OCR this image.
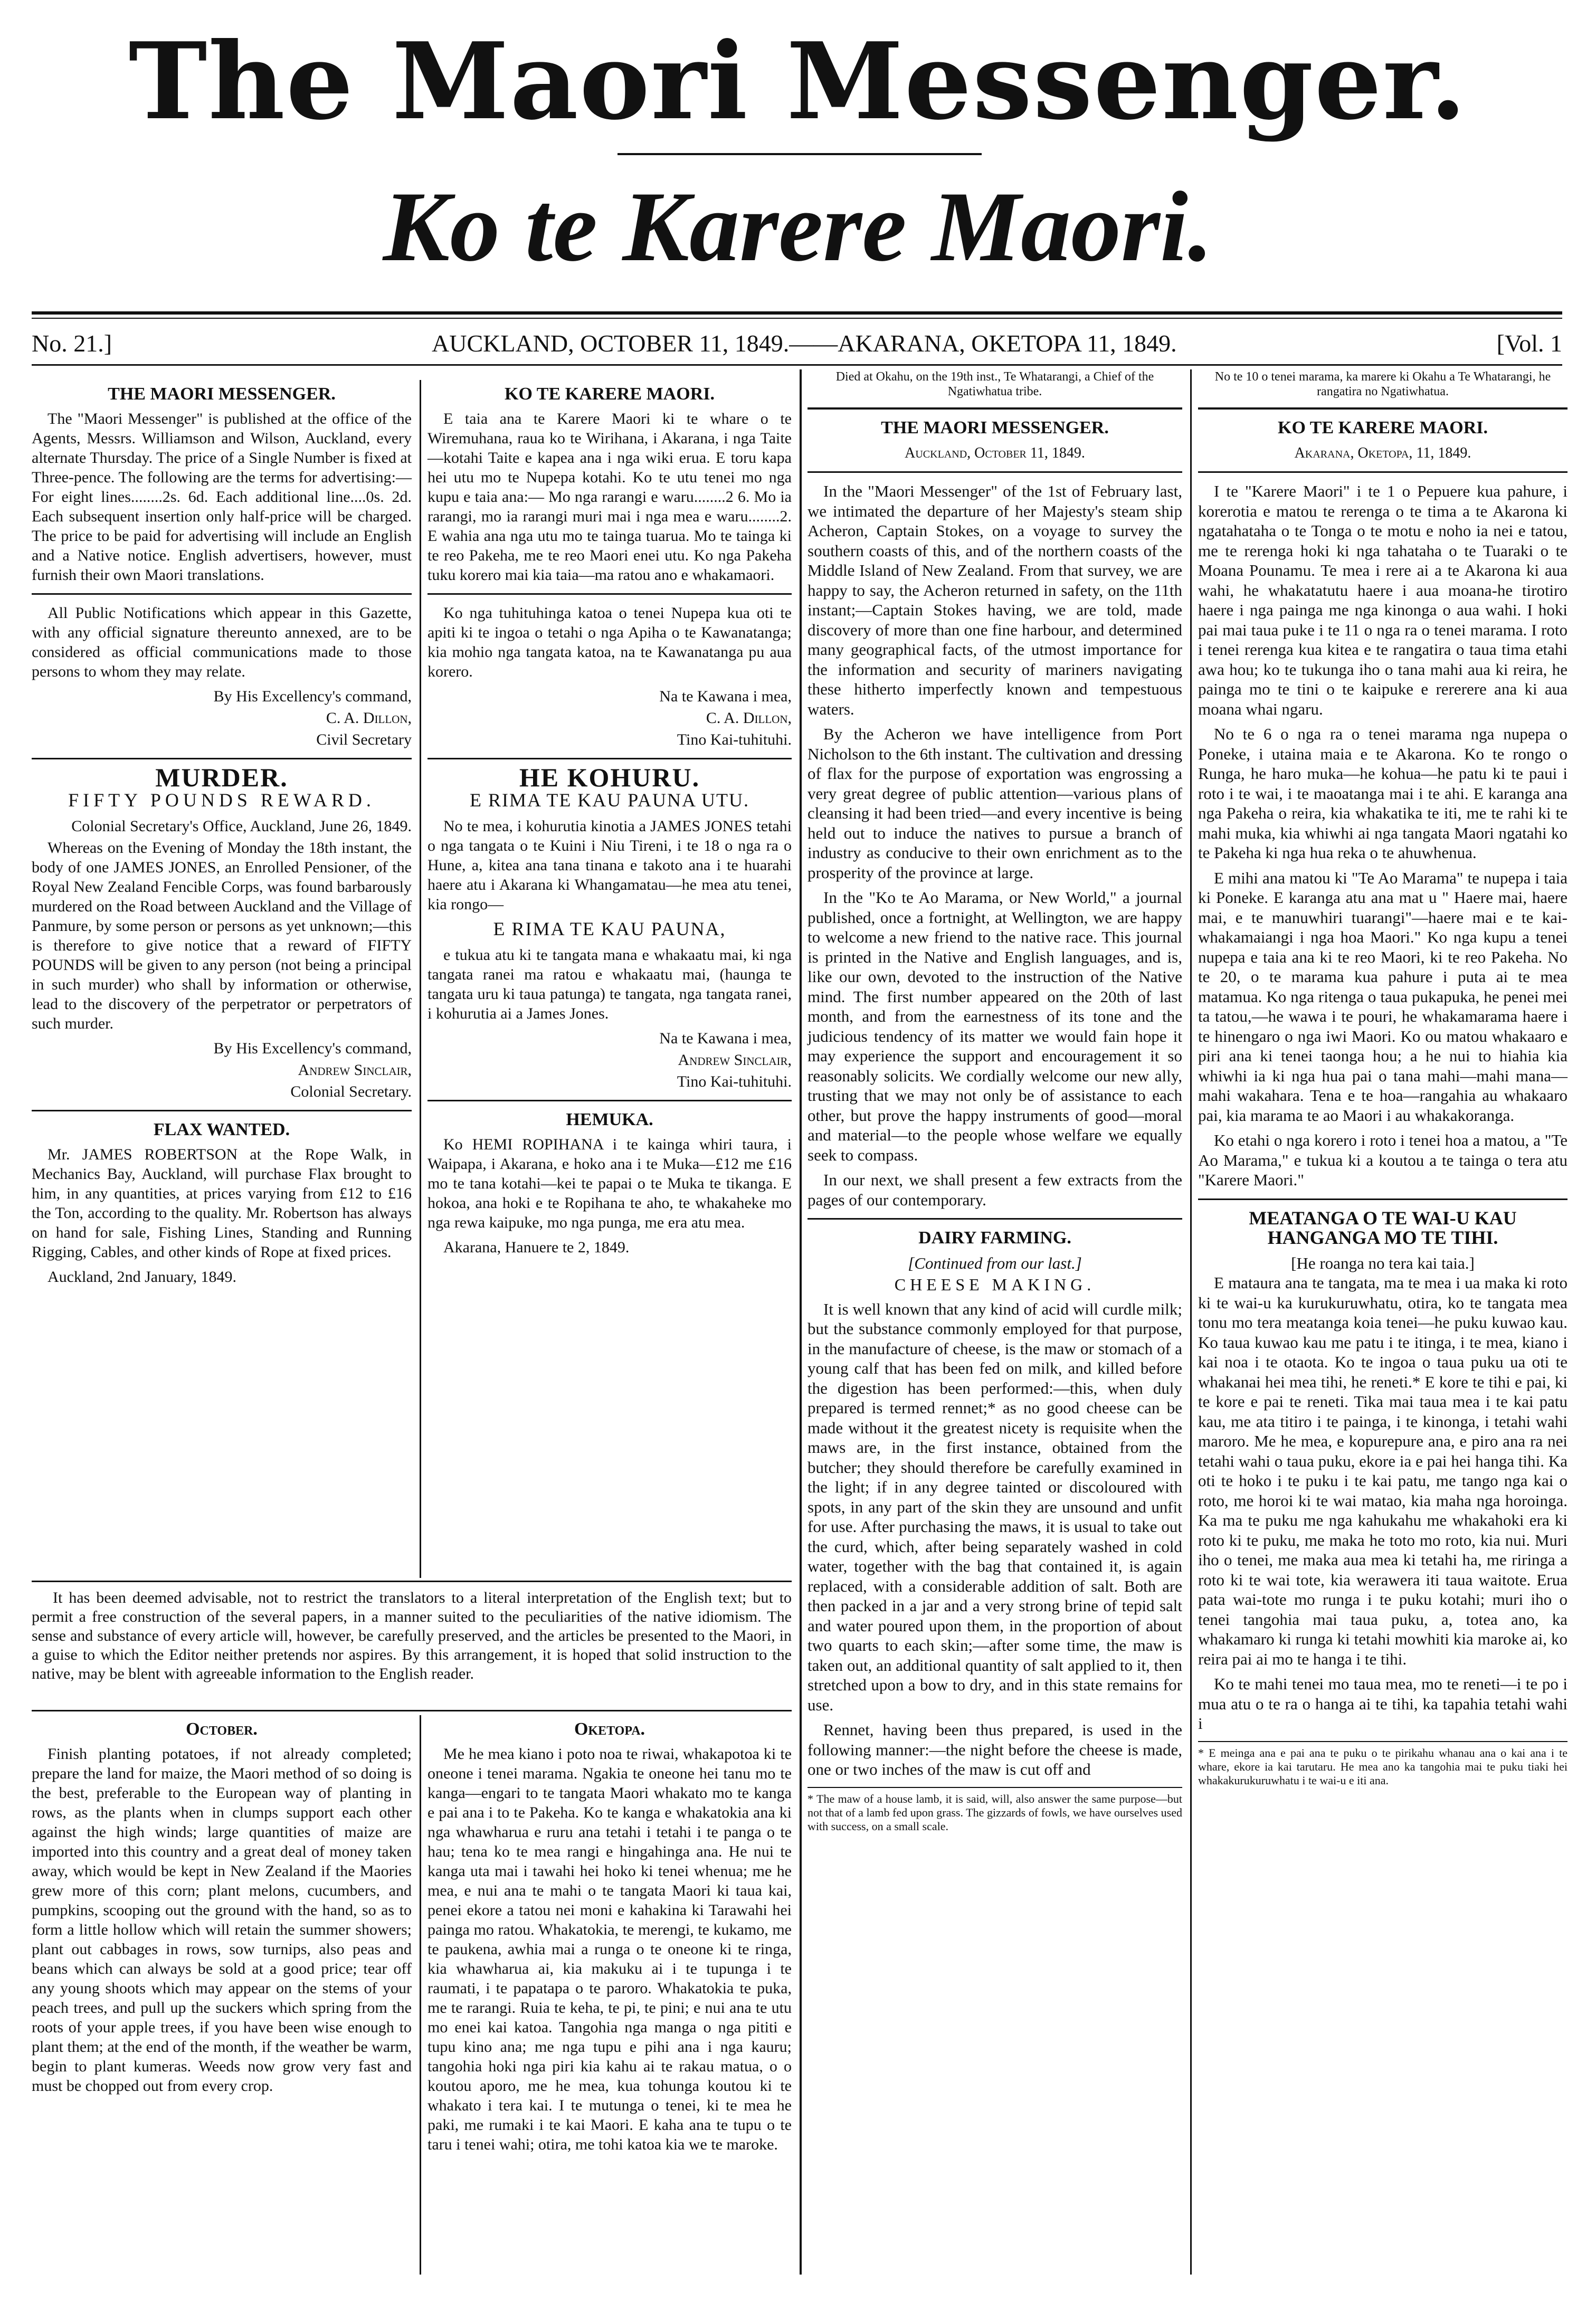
The Maori Messenger.
Ko te Karere Maori.
No. 21.]	AUCKLAND, OCTOBER 11, 1849.——AKARANA, OKETOPA 11, 1849.	[Vol. 1
THE MAORI MESSENGER.

The "Maori Messenger" is published at the office of the Agents, Messrs. Williamson and Wilson, Auckland, every alternate Thursday. The price of a Single Number is fixed at Three-pence. The following are the terms for advertising:— For eight lines........2s. 6d. Each additional line....0s. 2d. Each subsequent insertion only half-price will be charged. The price to be paid for advertising will include an English and a Native notice. English advertisers, however, must furnish their own Maori translations.

All Public Notifications which appear in this Gazette, with any official signature thereunto annexed, are to be considered as official communications made to those persons to whom they may relate.

By His Excellency's command,
C. A. Dillon,
Civil Secretary
MURDER.
FIFTY POUNDS REWARD.
Colonial Secretary's Office, Auckland, June 26, 1849.

Whereas on the Evening of Monday the 18th instant, the body of one JAMES JONES, an Enrolled Pensioner, of the Royal New Zealand Fencible Corps, was found barbarously murdered on the Road between Auckland and the Village of Panmure, by some person or persons as yet unknown;—this is therefore to give notice that a reward of FIFTY POUNDS will be given to any person (not being a principal in such murder) who shall by information or otherwise, lead to the discovery of the perpetrator or perpetrators of such murder.

By His Excellency's command,
Andrew Sinclair,
Colonial Secretary.
FLAX WANTED.

Mr. JAMES ROBERTSON at the Rope Walk, in Mechanics Bay, Auckland, will purchase Flax brought to him, in any quantities, at prices varying from £12 to £16 the Ton, according to the quality. Mr. Robertson has always on hand for sale, Fishing Lines, Standing and Running Rigging, Cables, and other kinds of Rope at fixed prices.

Auckland, 2nd January, 1849.

KO TE KARERE MAORI.

E taia ana te Karere Maori ki te whare o te Wiremuhana, raua ko te Wirihana, i Akarana, i nga Taite—kotahi Taite e kapea ana i nga wiki erua. E toru kapa hei utu mo te Nupepa kotahi. Ko te utu tenei mo nga kupu e taia ana:— Mo nga rarangi e waru........2 6. Mo ia rarangi, mo ia rarangi muri mai i nga mea e waru........2. E wahia ana nga utu mo te tainga tuarua. Mo te tainga ki te reo Pakeha, me te reo Maori enei utu. Ko nga Pakeha tuku korero mai kia taia—ma ratou ano e whakamaori.

Ko nga tuhituhinga katoa o tenei Nupepa kua oti te apiti ki te ingoa o tetahi o nga Apiha o te Kawanatanga; kia mohio nga tangata katoa, na te Kawanatanga pu aua korero.

Na te Kawana i mea,
C. A. Dillon,
Tino Kai-tuhituhi.
HE KOHURU.
E RIMA TE KAU PAUNA UTU.

No te mea, i kohurutia kinotia a JAMES JONES tetahi o nga tangata o te Kuini i Niu Tireni, i te 18 o nga ra o Hune, a, kitea ana tana tinana e takoto ana i te huarahi haere atu i Akarana ki Whangamatau—he mea atu tenei, kia rongo—

E RIMA TE KAU PAUNA,

e tukua atu ki te tangata mana e whakaatu mai, ki nga tangata ranei ma ratou e whakaatu mai, (haunga te tangata uru ki taua patunga) te tangata, nga tangata ranei, i kohurutia ai a James Jones.

Na te Kawana i mea,
Andrew Sinclair,
Tino Kai-tuhituhi.
HEMUKA.

Ko HEMI ROPIHANA i te kainga whiri taura, i Waipapa, i Akarana, e hoko ana i te Muka—£12 me £16 mo te tana kotahi—kei te papai o te Muka te tikanga. E hokoa, ana hoki e te Ropihana te aho, te whakaheke mo nga rewa kaipuke, mo nga punga, me era atu mea.

Akarana, Hanuere te 2, 1849.

It has been deemed advisable, not to restrict the translators to a literal interpretation of the English text; but to permit a free construction of the several papers, in a manner suited to the peculiarities of the native idiomism. The sense and substance of every article will, however, be carefully preserved, and the articles be presented to the Maori, in a guise to which the Editor neither pretends nor aspires. By this arrangement, it is hoped that solid instruction to the native, may be blent with agreeable information to the English reader.

October.

Finish planting potatoes, if not already completed; prepare the land for maize, the Maori method of so doing is the best, preferable to the European way of planting in rows, as the plants when in clumps support each other against the high winds; large quantities of maize are imported into this country and a great deal of money taken away, which would be kept in New Zealand if the Maories grew more of this corn; plant melons, cucumbers, and pumpkins, scooping out the ground with the hand, so as to form a little hollow which will retain the summer showers; plant out cabbages in rows, sow turnips, also peas and beans which can always be sold at a good price; tear off any young shoots which may appear on the stems of your peach trees, and pull up the suckers which spring from the roots of your apple trees, if you have been wise enough to plant them; at the end of the month, if the weather be warm, begin to plant kumeras. Weeds now grow very fast and must be chopped out from every crop.

Oketopa.

Me he mea kiano i poto noa te riwai, whakapotoa ki te oneone i tenei marama. Ngakia te oneone hei tanu mo te kanga—engari to te tangata Maori whakato mo te kanga e pai ana i to te Pakeha. Ko te kanga e whakatokia ana ki nga whawharua e ruru ana tetahi i tetahi i te panga o te hau; tena ko te mea rangi e hingahinga ana. He nui te kanga uta mai i tawahi hei hoko ki tenei whenua; me he mea, e nui ana te mahi o te tangata Maori ki taua kai, penei ekore a tatou nei moni e kahakina ki Tarawahi hei painga mo ratou. Whakatokia, te merengi, te kukamo, me te paukena, awhia mai a runga o te oneone ki te ringa, kia whawharua ai, kia makuku ai i te tupunga i te raumati, i te papatapa o te paroro. Whakatokia te puka, me te rarangi. Ruia te keha, te pi, te pini; e nui ana te utu mo enei kai katoa. Tangohia nga manga o nga pititi e tupu kino ana; me nga tupu e pihi ana i nga kauru; tangohia hoki nga piri kia kahu ai te rakau matua, o o koutou aporo, me he mea, kua tohunga koutou ki te whakato i tera kai. I te mutunga o tenei, ki te mea he paki, me rumaki i te kai Maori. E kaha ana te tupu o te taru i tenei wahi; otira, me tohi katoa kia we te maroke.

Died at Okahu, on the 19th inst., Te Whatarangi, a Chief of the Ngatiwhatua tribe.
THE MAORI MESSENGER.
Auckland, October 11, 1849.

In the "Maori Messenger" of the 1st of February last, we intimated the departure of her Majesty's steam ship Acheron, Captain Stokes, on a voyage to survey the southern coasts of this, and of the northern coasts of the Middle Island of New Zealand. From that survey, we are happy to say, the Acheron returned in safety, on the 11th instant;—Captain Stokes having, we are told, made discovery of more than one fine harbour, and determined many geographical facts, of the utmost importance for the information and security of mariners navigating these hitherto imperfectly known and tempestuous waters.

By the Acheron we have intelligence from Port Nicholson to the 6th instant. The cultivation and dressing of flax for the purpose of exportation was engrossing a very great degree of public attention—various plans of cleansing it had been tried—and every incentive is being held out to induce the natives to pursue a branch of industry as conducive to their own enrichment as to the prosperity of the province at large.

In the "Ko te Ao Marama, or New World," a journal published, once a fortnight, at Wellington, we are happy to welcome a new friend to the native race. This journal is printed in the Native and English languages, and is, like our own, devoted to the instruction of the Native mind. The first number appeared on the 20th of last month, and from the earnestness of its tone and the judicious tendency of its matter we would fain hope it may experience the support and encouragement it so reasonably solicits. We cordially welcome our new ally, trusting that we may not only be of assistance to each other, but prove the happy instruments of good—moral and material—to the people whose welfare we equally seek to compass.

In our next, we shall present a few extracts from the pages of our contemporary.

DAIRY FARMING.
[Continued from our last.]
CHEESE MAKING.

It is well known that any kind of acid will curdle milk; but the substance commonly employed for that purpose, in the manufacture of cheese, is the maw or stomach of a young calf that has been fed on milk, and killed before the digestion has been performed:—this, when duly prepared is termed rennet;* as no good cheese can be made without it the greatest nicety is requisite when the maws are, in the first instance, obtained from the butcher; they should therefore be carefully examined in the light; if in any degree tainted or discoloured with spots, in any part of the skin they are unsound and unfit for use. After purchasing the maws, it is usual to take out the curd, which, after being separately washed in cold water, together with the bag that contained it, is again replaced, with a considerable addition of salt. Both are then packed in a jar and a very strong brine of tepid salt and water poured upon them, in the proportion of about two quarts to each skin;—after some time, the maw is taken out, an additional quantity of salt applied to it, then stretched upon a bow to dry, and in this state remains for use.

Rennet, having been thus prepared, is used in the following manner:—the night before the cheese is made, one or two inches of the maw is cut off and

* The maw of a house lamb, it is said, will, also answer the same purpose—but not that of a lamb fed upon grass. The gizzards of fowls, we have ourselves used with success, on a small scale.
No te 10 o tenei marama, ka marere ki Okahu a Te Whatarangi, he rangatira no Ngatiwhatua.
KO TE KARERE MAORI.
Akarana, Oketopa, 11, 1849.

I te "Karere Maori" i te 1 o Pepuere kua pahure, i korerotia e matou te rerenga o te tima a te Akarona ki ngatahataha o te Tonga o te motu e noho ia nei e tatou, me te rerenga hoki ki nga tahataha o te Tuaraki o te Moana Pounamu. Te mea i rere ai a te Akarona ki aua wahi, he whakatatutu haere i aua moana-he tirotiro haere i nga painga me nga kinonga o aua wahi. I hoki pai mai taua puke i te 11 o nga ra o tenei marama. I roto i tenei rerenga kua kitea e te rangatira o taua tima etahi awa hou; ko te tukunga iho o tana mahi aua ki reira, he painga mo te tini o te kaipuke e rererere ana ki aua moana whai ngaru.

No te 6 o nga ra o tenei marama nga nupepa o Poneke, i utaina maia e te Akarona. Ko te rongo o Runga, he haro muka—he kohua—he patu ki te paui i roto i te wai, i te maoatanga mai i te ahi. E karanga ana nga Pakeha o reira, kia whakatika te iti, me te rahi ki te mahi muka, kia whiwhi ai nga tangata Maori ngatahi ko te Pakeha ki nga hua reka o te ahuwhenua.

E mihi ana matou ki "Te Ao Marama" te nupepa i taia ki Poneke. E karanga atu ana mat u " Haere mai, haere mai, e te manuwhiri tuarangi"—haere mai e te kai-whakamaiangi i nga hoa Maori." Ko nga kupu a tenei nupepa e taia ana ki te reo Maori, ki te reo Pakeha. No te 20, o te marama kua pahure i puta ai te mea matamua. Ko nga ritenga o taua pukapuka, he penei mei ta tatou,—he wawa i te pouri, he whakamarama haere i te hinengaro o nga iwi Maori. Ko ou matou whakaaro e piri ana ki tenei taonga hou; a he nui to hiahia kia whiwhi ia ki nga hua pai o tana mahi—mahi mana—mahi wakahara. Tena e te hoa—rangahia au whakaaro pai, kia marama te ao Maori i au whakakoranga.

Ko etahi o nga korero i roto i tenei hoa a matou, a "Te Ao Marama," e tukua ki a koutou a te tainga o tera atu "Karere Maori."

MEATANGA O TE WAI-U KAU HANGANGA MO TE TIHI.
[He roanga no tera kai taia.]

E mataura ana te tangata, ma te mea i ua maka ki roto ki te wai-u ka kurukuruwhatu, otira, ko te tangata mea tonu mo tera meatanga koia tenei—he puku kuwao kau. Ko taua kuwao kau me patu i te itinga, i te mea, kiano i kai noa i te otaota. Ko te ingoa o taua puku ua oti te whakanai hei mea tihi, he reneti.* E kore te tihi e pai, ki te kore e pai te reneti. Tika mai taua mea i te kai patu kau, me ata titiro i te painga, i te kinonga, i tetahi wahi maroro. Me he mea, e kopurepure ana, e piro ana ra nei tetahi wahi o taua puku, ekore ia e pai hei hanga tihi. Ka oti te hoko i te puku i te kai patu, me tango nga kai o roto, me horoi ki te wai matao, kia maha nga horoinga. Ka ma te puku me nga kahukahu me whakahoki era ki roto ki te puku, me maka he toto mo roto, kia nui. Muri iho o tenei, me maka aua mea ki tetahi ha, me riringa a roto ki te wai tote, kia werawera iti taua waitote. Erua pata wai-tote mo runga i te puku kotahi; muri iho o tenei tangohia mai taua puku, a, totea ano, ka whakamaro ki runga ki tetahi mowhiti kia maroke ai, ko reira pai ai mo te hanga i te tihi.

Ko te mahi tenei mo taua mea, mo te reneti—i te po i mua atu o te ra o hanga ai te tihi, ka tapahia tetahi wahi i

* E meinga ana e pai ana te puku o te pirikahu whanau ana o kai ana i te whare, ekore ia kai tarutaru. He mea ano ka tangohia mai te puku tiaki hei whakakurukuruwhatu i te wai-u e iti ana.
